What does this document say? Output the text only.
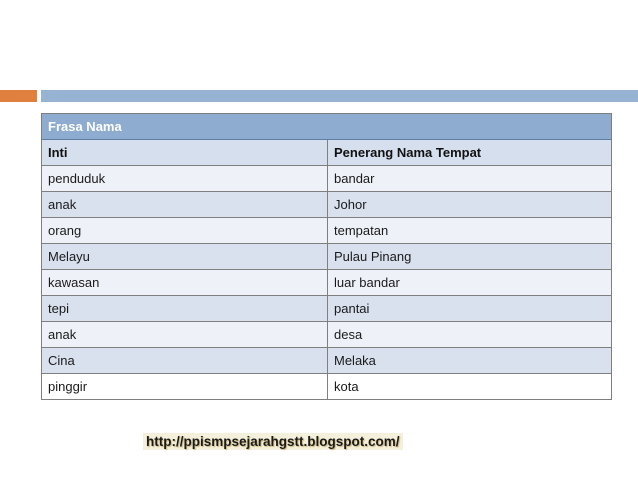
Frasa Nama	
Inti	Penerang Nama Tempat
penduduk	bandar
anak	Johor
orang	tempatan
Melayu	Pulau Pinang
kawasan	luar bandar
tepi	pantai
anak	desa
Cina	Melaka
pinggir	kota
http://ppismpsejarahgstt.blogspot.com/
